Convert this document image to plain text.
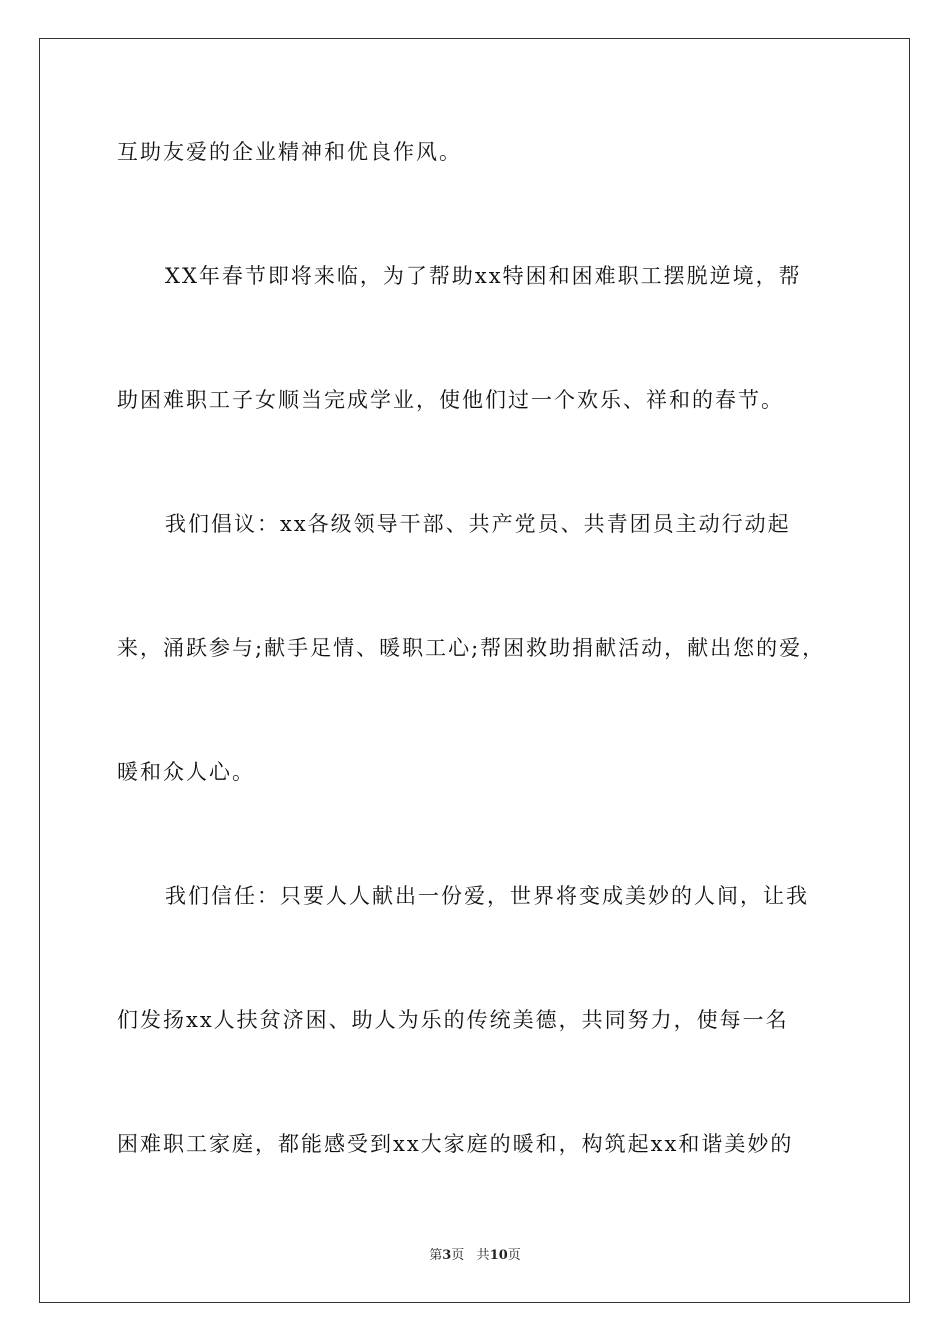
互助友爱的企业精神和优良作风。
XX年春节即将来临，为了帮助xx特困和困难职工摆脱逆境，帮
助困难职工子女顺当完成学业，使他们过一个欢乐、祥和的春节。
我们倡议：xx各级领导干部、共产党员、共青团员主动行动起
来，涌跃参与;献手足情、暖职工心;帮困救助捐献活动，献出您的爱，
暖和众人心。
我们信任：只要人人献出一份爱，世界将变成美妙的人间，让我
们发扬xx人扶贫济困、助人为乐的传统美德，共同努力，使每一名
困难职工家庭，都能感受到xx大家庭的暖和，构筑起xx和谐美妙的
第3页 共10页
